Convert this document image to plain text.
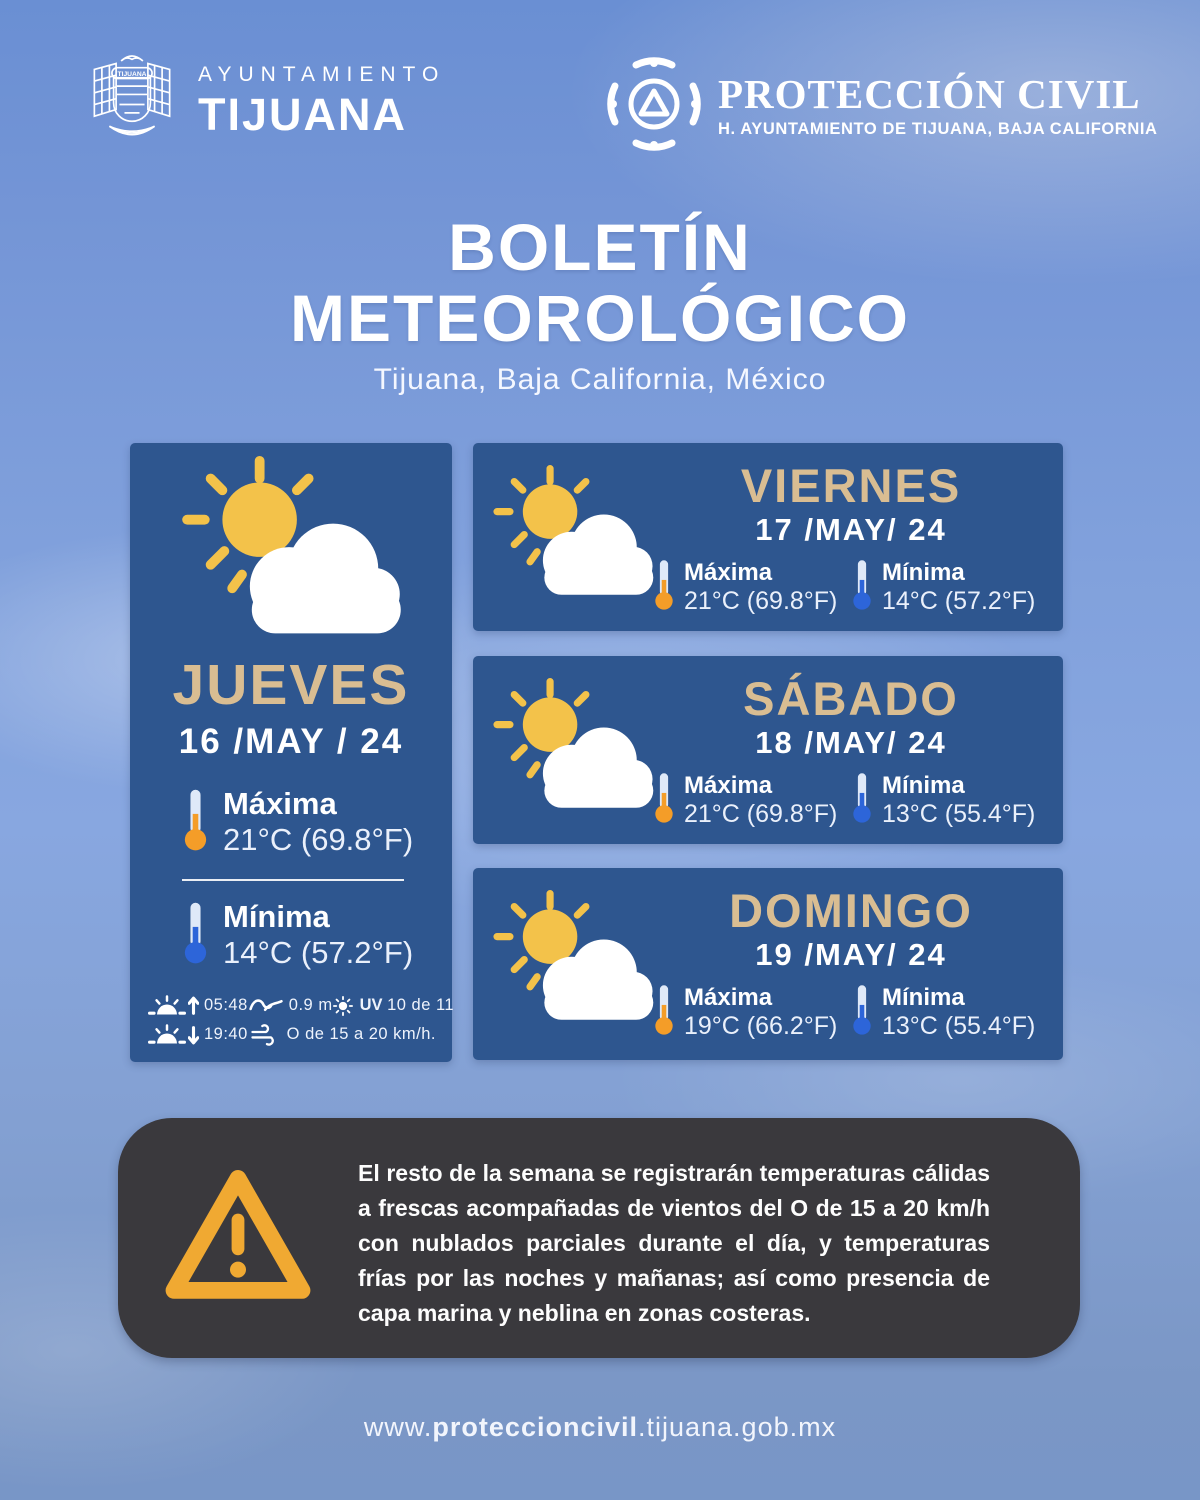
TIJUANA AYUNTAMIENTO
TIJUANA	PROTECCIÓN CIVIL
H. AYUNTAMIENTO DE TIJUANA, BAJA CALIFORNIA
BOLETÍN
METEOROLÓGICO
Tijuana, Baja California, México
JUEVES
16 /MAY / 24
Máxima
21°C (69.8°F)
Mínima
14°C (57.2°F)
05:48 0.9 m UV
10 de 11
19:40 O de 15 a 20 km/h.
VIERNES
17 /MAY/ 24
Máxima
21°C (69.8°F)
Mínima
14°C (57.2°F)
SÁBADO
18 /MAY/ 24
Máxima
21°C (69.8°F)
Mínima
13°C (55.4°F)
DOMINGO
19 /MAY/ 24
Máxima
19°C (66.2°F)
Mínima
13°C (55.4°F)
El resto de la semana se registrarán temperaturas cálidas a frescas acompañadas de vientos del O de 15 a 20 km/h con nublados parciales durante el día, y temperaturas frías por las noches y mañanas; así como presencia de capa marina y neblina en zonas costeras.
www.proteccioncivil.tijuana.gob.mx
